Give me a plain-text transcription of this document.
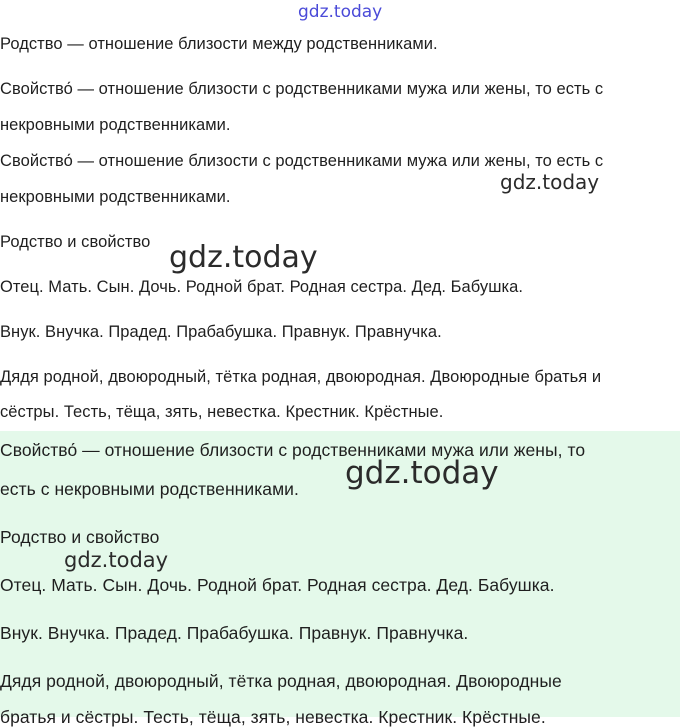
gdz.today
gdz.today
gdz.today
gdz.today
gdz.today

Родство — отношение близости между родственниками.

Свойство́ — отношение близости с родственниками мужа или жены, то есть с

некровными родственниками.

Свойство́ — отношение близости с родственниками мужа или жены, то есть с

некровными родственниками.

Родство и свойство

Отец. Мать. Сын. Дочь. Родной брат. Родная сестра. Дед. Бабушка.

Внук. Внучка. Прадед. Прабабушка. Правнук. Правнучка.

Дядя родной, двоюродный, тётка родная, двоюродная. Двоюродные братья и

сёстры. Тесть, тёща, зять, невестка. Крестник. Крёстные.

Свойство́ — отношение близости с родственниками мужа или жены, то

есть с некровными родственниками.

Родство и свойство

Отец. Мать. Сын. Дочь. Родной брат. Родная сестра. Дед. Бабушка.

Внук. Внучка. Прадед. Прабабушка. Правнук. Правнучка.

Дядя родной, двоюродный, тётка родная, двоюродная. Двоюродные

братья и сёстры. Тесть, тёща, зять, невестка. Крестник. Крёстные.
